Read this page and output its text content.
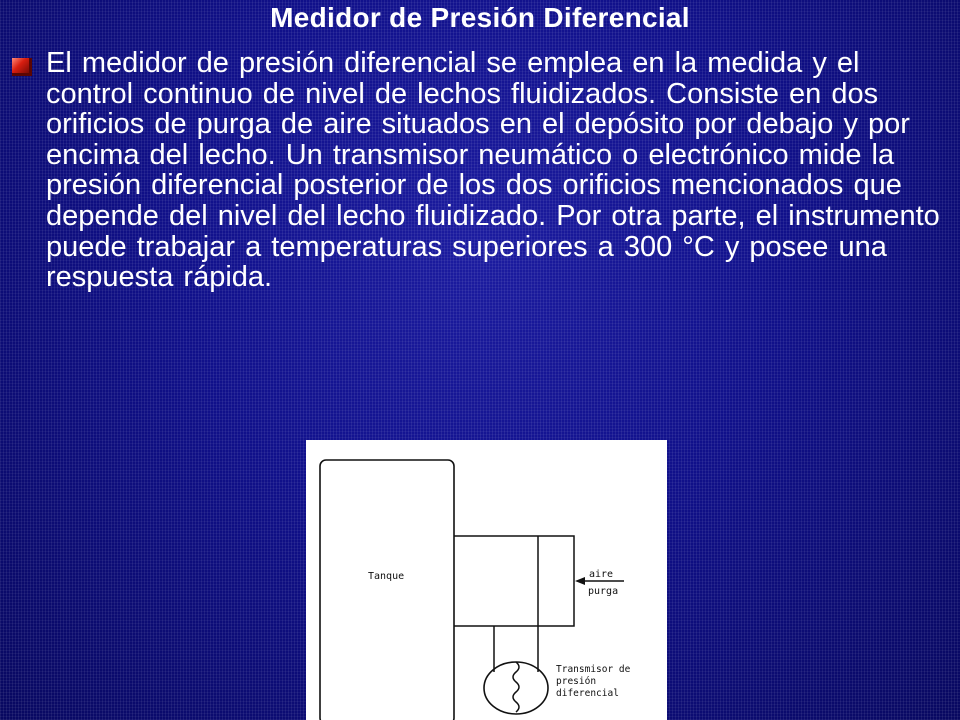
Medidor de Presión Diferencial
El medidor de presión diferencial se emplea en la medida y el control continuo de nivel de lechos fluidizados. Consiste en dos orificios de purga de aire situados en el depósito por debajo y por encima del lecho. Un transmisor neumático o electrónico mide la presión diferencial posterior de los dos orificios mencionados que depende del nivel del lecho fluidizado. Por otra parte, el instrumento puede trabajar a temperaturas superiores a 300 °C y posee una respuesta rápida.
Tanque	aire
purga
Transmisor de
presión
diferencial
